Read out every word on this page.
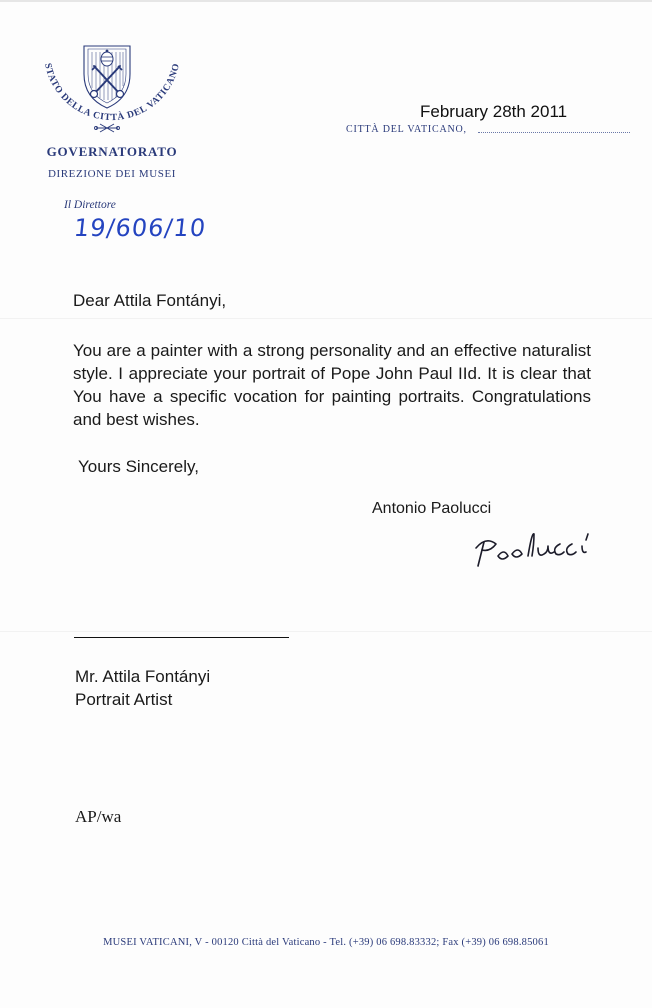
STATO DELLA CITTÀ DEL VATICANO
GOVERNATORATO
DIREZIONE DEI MUSEI
Il Direttore
19/606/10
February 28th 2011
CITTÀ DEL VATICANO,
Dear Attila Fontányi,
You are a painter with a strong personality and an effective naturalist style. I appreciate your portrait of Pope John Paul IId. It is clear that You have a specific vocation for painting portraits. Congratulations and best wishes.
Yours Sincerely,
Antonio Paolucci
Mr. Attila Fontányi
Portrait Artist
AP/wa
MUSEI VATICANI, V - 00120 Città del Vaticano - Tel. (+39) 06 698.83332; Fax (+39) 06 698.85061
